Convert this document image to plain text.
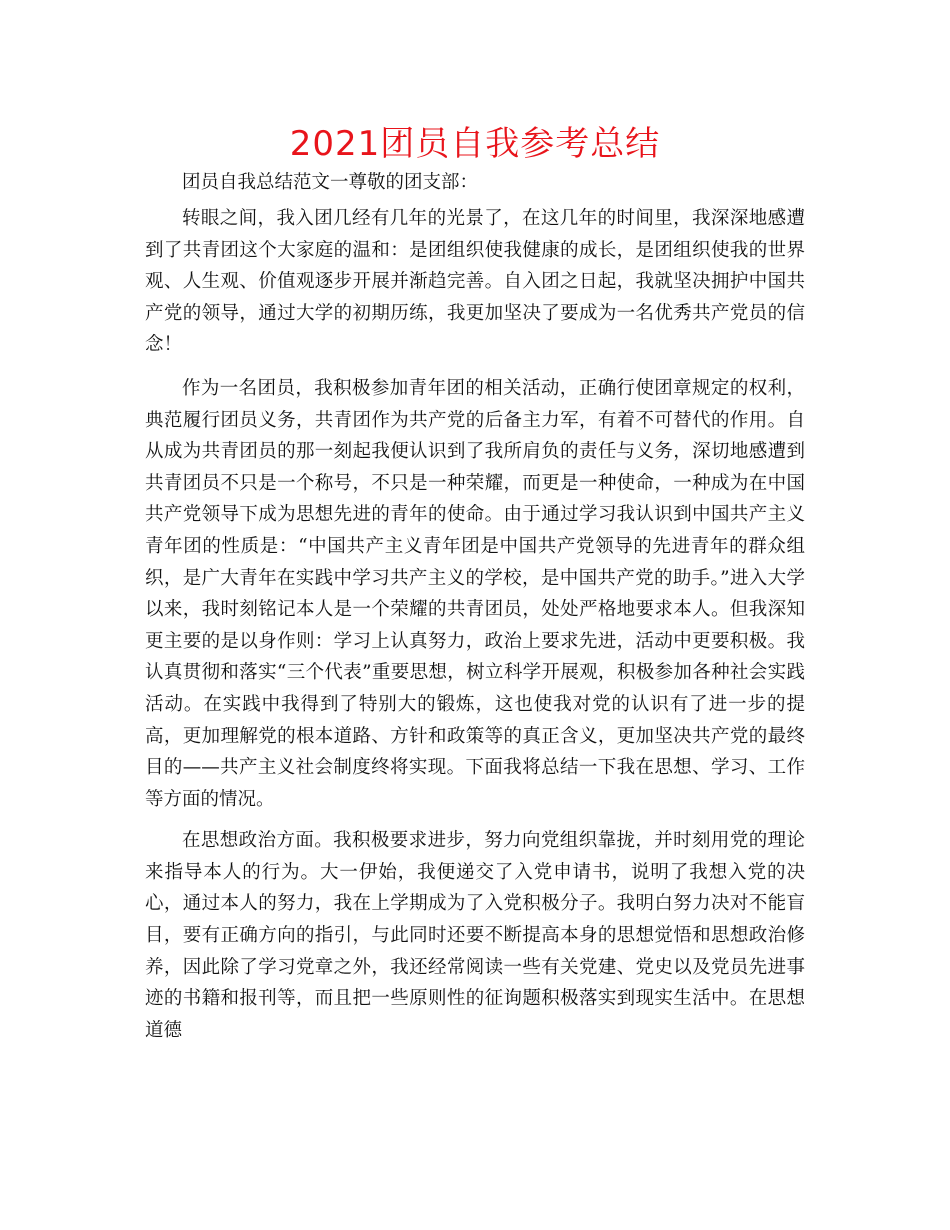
2021团员自我参考总结

团员自我总结范文一尊敬的团支部：

转眼之间，我入团几经有几年的光景了，在这几年的时间里，我深深地感遭到了共青团这个大家庭的温和：是团组织使我健康的成长，是团组织使我的世界观、人生观、价值观逐步开展并渐趋完善。自入团之日起，我就坚决拥护中国共产党的领导，通过大学的初期历练，我更加坚决了要成为一名优秀共产党员的信念！

作为一名团员，我积极参加青年团的相关活动，正确行使团章规定的权利，典范履行团员义务，共青团作为共产党的后备主力军，有着不可替代的作用。自从成为共青团员的那一刻起我便认识到了我所肩负的责任与义务，深切地感遭到共青团员不只是一个称号，不只是一种荣耀，而更是一种使命，一种成为在中国共产党领导下成为思想先进的青年的使命。由于通过学习我认识到中国共产主义青年团的性质是：“中国共产主义青年团是中国共产党领导的先进青年的群众组织，是广大青年在实践中学习共产主义的学校，是中国共产党的助手。”进入大学以来，我时刻铭记本人是一个荣耀的共青团员，处处严格地要求本人。但我深知更主要的是以身作则：学习上认真努力，政治上要求先进，活动中更要积极。我认真贯彻和落实“三个代表”重要思想，树立科学开展观，积极参加各种社会实践活动。在实践中我得到了特别大的锻炼，这也使我对党的认识有了进一步的提高，更加理解党的根本道路、方针和政策等的真正含义，更加坚决共产党的最终目的——共产主义社会制度终将实现。下面我将总结一下我在思想、学习、工作等方面的情况。

在思想政治方面。我积极要求进步，努力向党组织靠拢，并时刻用党的理论来指导本人的行为。大一伊始，我便递交了入党申请书，说明了我想入党的决心，通过本人的努力，我在上学期成为了入党积极分子。我明白努力决对不能盲目，要有正确方向的指引，与此同时还要不断提高本身的思想觉悟和思想政治修养，因此除了学习党章之外，我还经常阅读一些有关党建、党史以及党员先进事迹的书籍和报刊等，而且把一些原则性的征询题积极落实到现实生活中。在思想道德
